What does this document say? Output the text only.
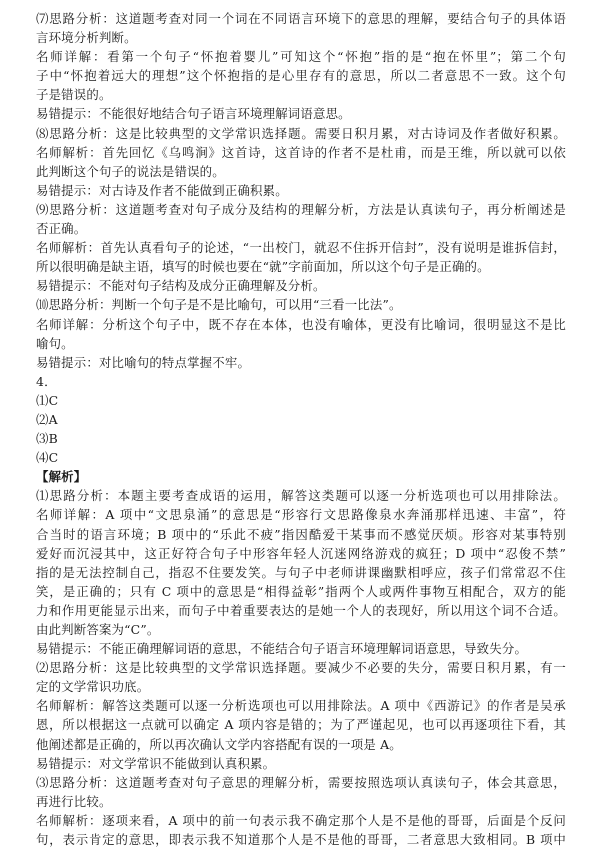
⑺思路分析：这道题考查对同一个词在不同语言环境下的意思的理解，要结合句子的具体语
言环境分析判断。
名师详解：看第一个句子“怀抱着婴儿”可知这个“怀抱”指的是“抱在怀里”；第二个句
子中“怀抱着远大的理想”这个怀抱指的是心里存有的意思，所以二者意思不一致。这个句
子是错误的。
易错提示：不能很好地结合句子语言环境理解词语意思。
⑻思路分析：这是比较典型的文学常识选择题。需要日积月累，对古诗词及作者做好积累。
名师解析：首先回忆《乌鸣涧》这首诗，这首诗的作者不是杜甫，而是王维，所以就可以依
此判断这个句子的说法是错误的。
易错提示：对古诗及作者不能做到正确积累。
⑼思路分析：这道题考查对句子成分及结构的理解分析，方法是认真读句子，再分析阐述是
否正确。
名师解析：首先认真看句子的论述，“一出校门，就忍不住拆开信封”，没有说明是谁拆信封，
所以很明确是缺主语，填写的时候也要在“就”字前面加，所以这个句子是正确的。
易错提示：不能对句子结构及成分正确理解及分析。
⑽思路分析：判断一个句子是不是比喻句，可以用“三看一比法”。
名师详解：分析这个句子中，既不存在本体，也没有喻体，更没有比喻词，很明显这不是比
喻句。
易错提示：对比喻句的特点掌握不牢。
4．
⑴C
⑵A
⑶B
⑷C
【解析】
⑴思路分析：本题主要考查成语的运用，解答这类题可以逐一分析选项也可以用排除法。
名师详解：A 项中“文思泉涌”的意思是“形容行文思路像泉水奔涌那样迅速、丰富”，符
合当时的语言环境；B 项中的“乐此不疲”指因酷爱干某事而不感觉厌烦。形容对某事特别
爱好而沉浸其中，这正好符合句子中形容年轻人沉迷网络游戏的疯狂；D 项中“忍俊不禁”
指的是无法控制自己，指忍不住要发笑。与句子中老师讲课幽默相呼应，孩子们常常忍不住
笑，是正确的；只有 C 项中的意思是“相得益彰”指两个人或两件事物互相配合，双方的能
力和作用更能显示出来，而句子中着重要表达的是她一个人的表现好，所以用这个词不合适。
由此判断答案为“C”。
易错提示：不能正确理解词语的意思，不能结合句子语言环境理解词语意思，导致失分。
⑵思路分析：这是比较典型的文学常识选择题。要减少不必要的失分，需要日积月累，有一
定的文学常识功底。
名师解析：解答这类题可以逐一分析选项也可以用排除法。A 项中《西游记》的作者是吴承
恩，所以根据这一点就可以确定 A 项内容是错的；为了严谨起见，也可以再逐项往下看，其
他阐述都是正确的，所以再次确认文学内容搭配有误的一项是 A。
易错提示：对文学常识不能做到认真积累。
⑶思路分析：这道题考查对句子意思的理解分析，需要按照选项认真读句子，体会其意思，
再进行比较。
名师解析：逐项来看，A 项中的前一句表示我不确定那个人是不是他的哥哥，后面是个反问
句，表示肯定的意思，即表示我不知道那个人是不是他的哥哥，二者意思大致相同。B 项中
